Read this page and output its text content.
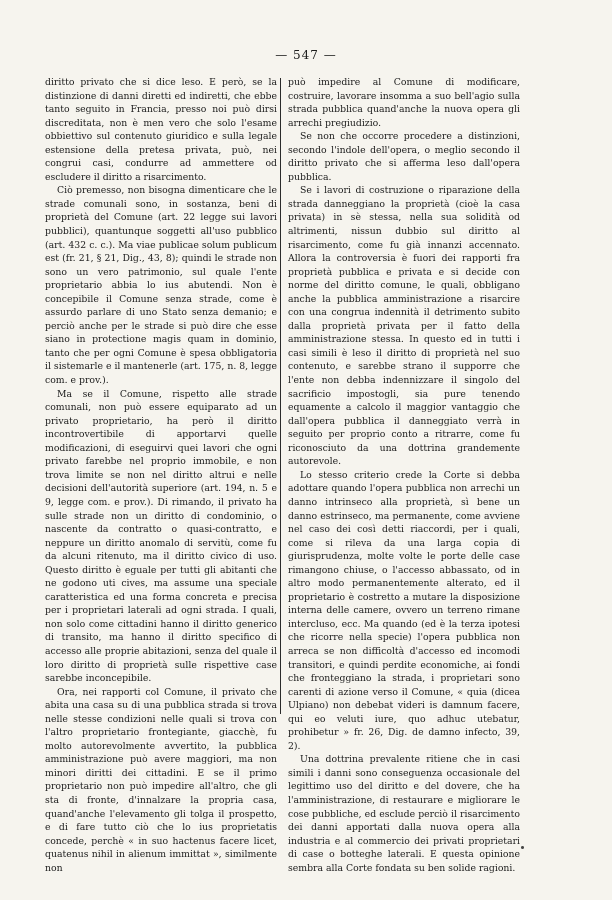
— 547 —

diritto privato che si dice leso. E però, se la distinzione di danni diretti ed indiretti, che ebbe tanto seguito in Francia, presso noi può dirsi discreditata, non è men vero che solo l'esame obbiettivo sul contenuto giuridico e sulla legale estensione della pretesa privata, può, nei congrui casi, condurre ad ammettere od escludere il diritto a risarcimento.

Ciò premesso, non bisogna dimenticare che le strade comunali sono, in sostanza, beni di proprietà del Comune (art. 22 legge sui lavori pubblici), quantunque soggetti all'uso pubblico (art. 432 c. c.). Ma viae publicae solum publicum est (fr. 21, § 21, Dig., 43, 8); quindi le strade non sono un vero patrimonio, sul quale l'ente proprietario abbia lo ius abutendi. Non è concepibile il Comune senza strade, come è assurdo parlare di uno Stato senza demanio; e perciò anche per le strade si può dire che esse siano in protectione magis quam in dominio, tanto che per ogni Comune è spesa obbligatoria il sistemarle e il mantenerle (art. 175, n. 8, legge com. e prov.).

Ma se il Comune, rispetto alle strade comunali, non può essere equiparato ad un privato proprietario, ha però il diritto incontrovertibile di apportarvi quelle modificazioni, di eseguirvi quei lavori che ogni privato farebbe nel proprio immobile, e non trova limite se non nel diritto altrui e nelle decisioni dell'autorità superiore (art. 194, n. 5 e 9, legge com. e prov.). Di rimando, il privato ha sulle strade non un diritto di condominio, o nascente da contratto o quasi-contratto, e neppure un diritto anomalo di servitù, come fu da alcuni ritenuto, ma il diritto civico di uso. Questo diritto è eguale per tutti gli abitanti che ne godono uti cives, ma assume una speciale caratteristica ed una forma concreta e precisa per i proprietari laterali ad ogni strada. I quali, non solo come cittadini hanno il diritto generico di transito, ma hanno il diritto specifico di accesso alle proprie abitazioni, senza del quale il loro diritto di proprietà sulle rispettive case sarebbe inconcepibile.

Ora, nei rapporti col Comune, il privato che abita una casa su di una pubblica strada si trova nelle stesse condizioni nelle quali si trova con l'altro proprietario frontegiante, giacchè, fu molto autorevolmente avvertito, la pubblica amministrazione può avere maggiori, ma non minori diritti dei cittadini. E se il primo proprietario non può impedire all'altro, che gli sta di fronte, d'innalzare la propria casa, quand'anche l'elevamento gli tolga il prospetto, e di fare tutto ciò che lo ius proprietatis concede, perchè « in suo hactenus facere licet, quatenus nihil in alienum immittat », similmente non

può impedire al Comune di modificare, costruire, lavorare insomma a suo bell'agio sulla strada pubblica quand'anche la nuova opera gli arrechi pregiudizio.

Se non che occorre procedere a distinzioni, secondo l'indole dell'opera, o meglio secondo il diritto privato che si afferma leso dall'opera pubblica.

Se i lavori di costruzione o riparazione della strada danneggiano la proprietà (cioè la casa privata) in sè stessa, nella sua solidità od altrimenti, nissun dubbio sul diritto al risarcimento, come fu già innanzi accennato. Allora la controversia è fuori dei rapporti fra proprietà pubblica e privata e si decide con norme del diritto comune, le quali, obbligano anche la pubblica amministrazione a risarcire con una congrua indennità il detrimento subito dalla proprietà privata per il fatto della amministrazione stessa. In questo ed in tutti i casi simili è leso il diritto di proprietà nel suo contenuto, e sarebbe strano il supporre che l'ente non debba indennizzare il singolo del sacrificio impostogli, sia pure tenendo equamente a calcolo il maggior vantaggio che dall'opera pubblica il danneggiato verrà in seguito per proprio conto a ritrarre, come fu riconosciuto da una dottrina grandemente autorevole.

Lo stesso criterio crede la Corte si debba adottare quando l'opera pubblica non arrechi un danno intrinseco alla proprietà, sì bene un danno estrinseco, ma permanente, come avviene nel caso dei così detti riaccordi, per i quali, come si rileva da una larga copia di giurisprudenza, molte volte le porte delle case rimangono chiuse, o l'accesso abbassato, od in altro modo permanentemente alterato, ed il proprietario è costretto a mutare la disposizione interna delle camere, ovvero un terreno rimane intercluso, ecc. Ma quando (ed è la terza ipotesi che ricorre nella specie) l'opera pubblica non arreca se non difficoltà d'accesso ed incomodi transitori, e quindi perdite economiche, ai fondi che fronteggiano la strada, i proprietari sono carenti di azione verso il Comune, « quia (dicea Ulpiano) non debebat videri is damnum facere, qui eo veluti iure, quo adhuc utebatur, prohibetur » fr. 26, Dig. de damno infecto, 39, 2).

Una dottrina prevalente ritiene che in casi simili i danni sono conseguenza occasionale del legittimo uso del diritto e del dovere, che ha l'amministrazione, di restaurare e migliorare le cose pubbliche, ed esclude perciò il risarcimento dei danni apportati dalla nuova opera alla industria e al commercio dei privati proprietari di case o botteghe laterali. E questa opinione sembra alla Corte fondata su ben solide ragioni.
